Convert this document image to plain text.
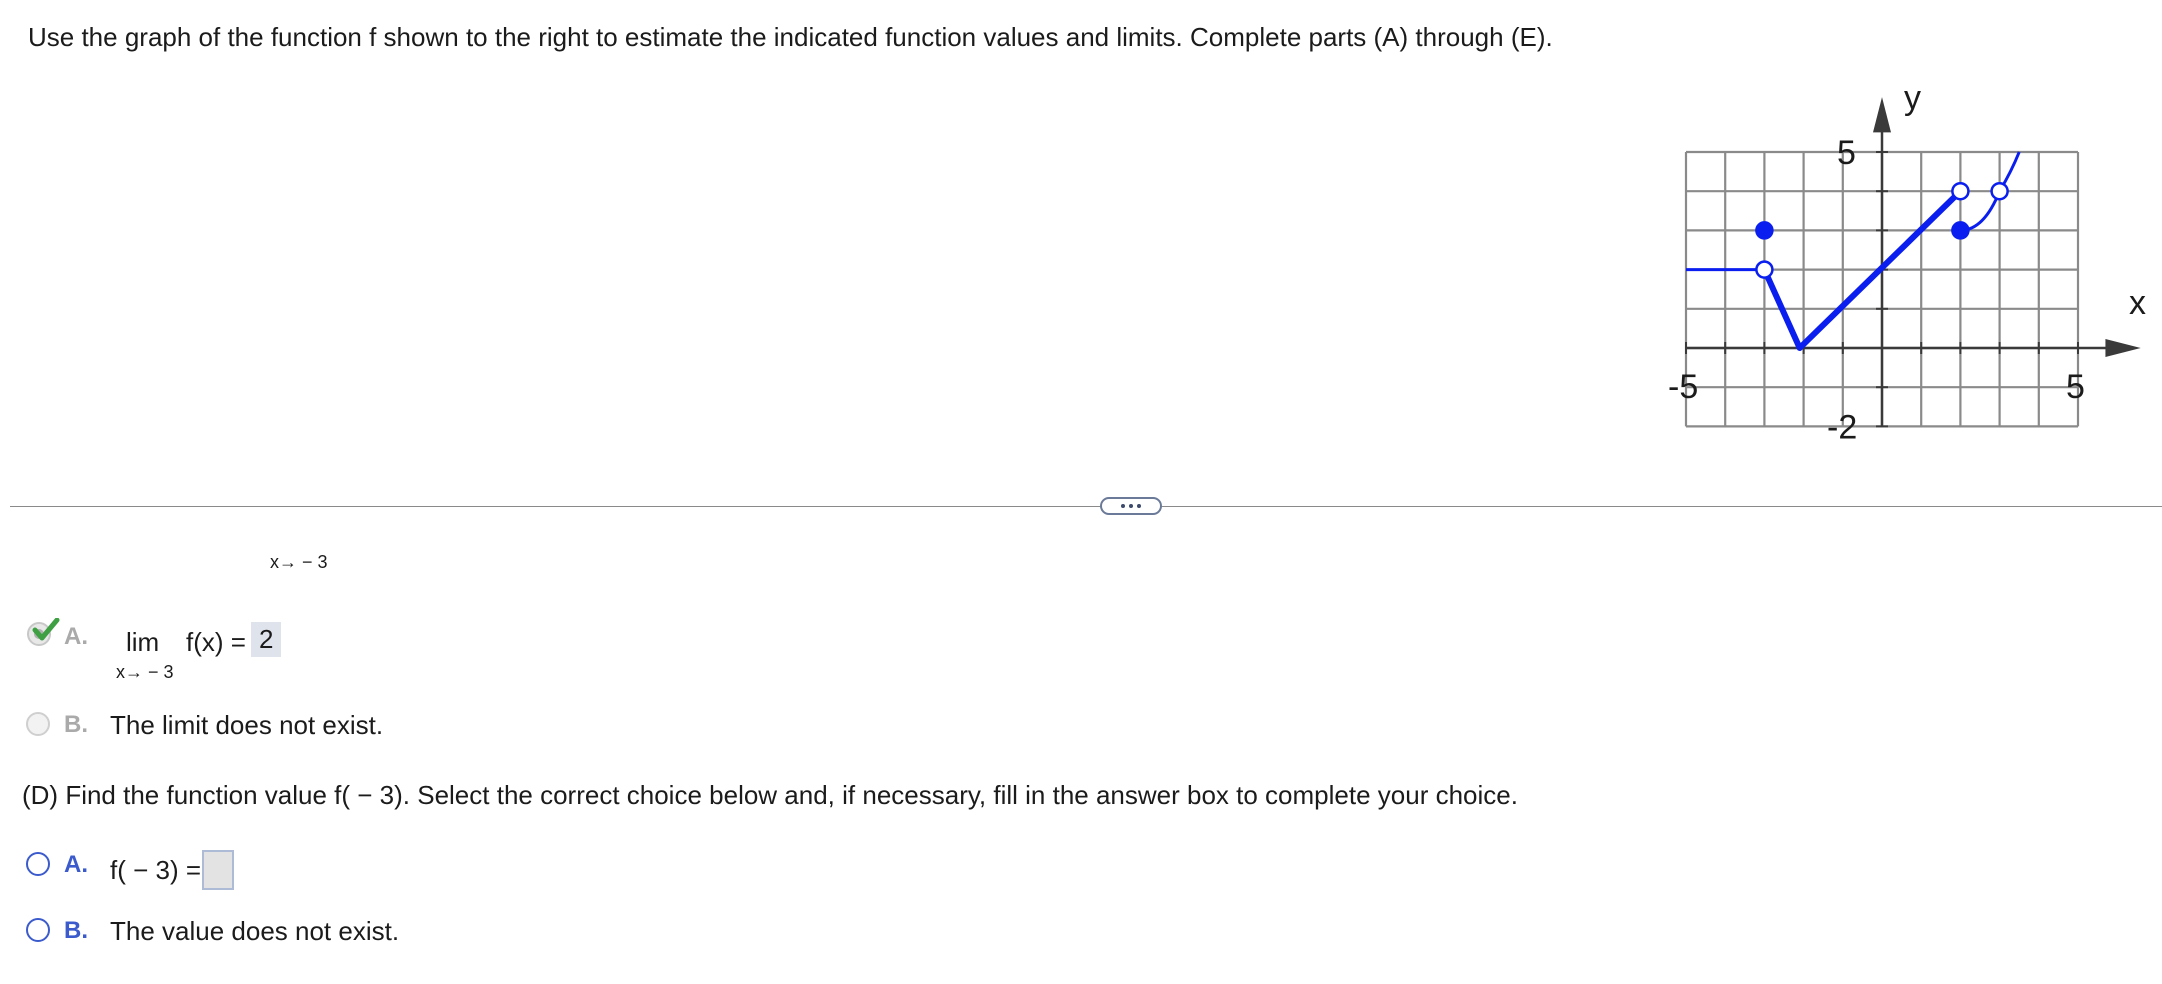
Use the graph of the function f shown to the right to estimate the indicated function values and limits. Complete parts (A) through (E).
-5	5
5
-2
y
x
x→ − 3
A. lim f(x) = 2
x→ − 3
B. The limit does not exist.
(D) Find the function value f( − 3). Select the correct choice below and, if necessary, fill in the answer box to complete your choice.
A. f( − 3) =
B. The value does not exist.
